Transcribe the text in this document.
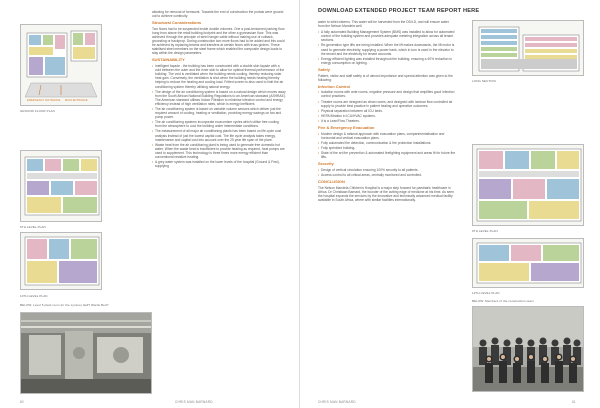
EMERGENCY ENTRANCE MAIN ENTRANCE
GROUND FLOOR PLAN
5TH LEVEL PLAN
10TH LEVEL PLAN
BELOW: Level 5 plant room for the Lymmet Hall? Wards Bed?

allowing for removal of formwork. Towards the end of construction the portals were ground out to achieve continuity.

Structural Considerations

Two floors had to be suspended inside double volumes. One a post-tensioned parking floor hung from above the retail building footprint and the other a gymnasium floor. This was achieved through the principle of steel hanger cable without making use of cutback, grounding or backprop. During construction two more floors had to be added and this could be achieved by replacing beams and transfers at certain floors with truss girders. These stabilised steel members on the steel frame which enabled the composite design loads to stay within the design parameters.

SUSTAINABILITY
• Intelligent façade - the building has been constructed with a double skin façade with a void between the outer and the inner skin to allow for optimal thermal performance of the building. The void is ventilated when the building needs cooling, thereby reducing solar heat gain. Conversely, the ventilation is shut when the building needs heating thereby helping to reduce the heating and cooling load. Fritted screen is also used to limit the air conditioning system thereby utilising natural energy.
• The design of the air conditioning system is based on a natural design which moves away from the South African National Building Regulations to an American standard (ASHRAE). The American standard utilises Indoor Filtration to minimise infection control and energy efficiency instead of high ventilation rates, which is energy inefficient.
• The air conditioning system is based on variable volume sensors which deliver just the required amount of cooling, heating or ventilation, providing energy savings on fan and pump power.
• The air conditioning systems incorporate economiser cycles which utilise free cooling from the atmosphere to cool the building under intermediate conditions.
• The measurement of all major air conditioning plants has been based on life cycle cost analysis instead of just the lowest capital cost. The life cycle analysis takes energy, maintenance and capital cost into account over the 25 year life span of the plant.
• Waste heat from the air conditioning plant is being used to generate free domestic hot water. When the waste heat is insufficient to provide heating as required, heat pumps are used to supplement. This technology is three times more energy efficient than conventional resistive heating.
• A grey water system was installed on the lower levels of the hospital (Ground & First), supplying
60	CHRIS MAN BARNARD

water to toilet cisterns. This water will be harvested from the DD/LD, and will ensure water from the Nelson Mandela well.

• A fully automated Building Management System (BMS) was installed to allow for automated control of the building system and provides adequate metering integration across all tenant sections.
• Re-generation type lifts are being installed. When the lift makes downwards, the lift motor is used to generate electricity, supplying a power bank, which in turn is used in the elevator to the tenant and the electricity for tenant accounts.
• Energy efficient lighting was installed throughout the building, ensuring a 40% reduction in energy consumption on lighting.
Safety

Patient, visitor and staff safety is of utmost importance and special attention was given to the following:

Infection Control
• Isolation rooms with ante rooms, negative pressure and design that amplifies good infection control practices.
• Theatre rooms are designed as clean rooms, and designed with laminar flow controlled air supply to provide best practice in patient healing and operative outcomes.
• Physical separation between all ICU beds.
• HEPA filtration in ICU/HVAC systems.
• It is a Lean/Flow Theatres.
Fire & Emergency Evacuation
• Modern design & rational approach with evacuation plans, compartmentalisation and horizontal and vertical evacuation plans.
• Fully automated fire detection, communication & fire protection installations.
• Fully sprinkled building.
• State of the art fire prevention & automated firefighting equipment and areas fit for future fire lifts.
Security
• Design of vertical circulation ensuring 100% security to all patients.
• Access control to all critical areas, centrally monitored and controlled.
CONCLUSION

The Nelson Mandela Children's Hospital is a major step forward for paediatric healthcare in Africa. Dr Christiaan Barnard, the founder of the cutting edge of medicine at his time. As seen the hospital expands the services by the innovative and technically advanced medical facility available in South Africa, where with similar facilities internationally.

LONG SECTION
9TH LEVEL PLAN
12TH LEVEL PLAN
BELOW: Members of the construction team
CHRIS MAN BARNARD	61
DOWNLOAD EXTENDED PROJECT TEAM REPORT HERE
